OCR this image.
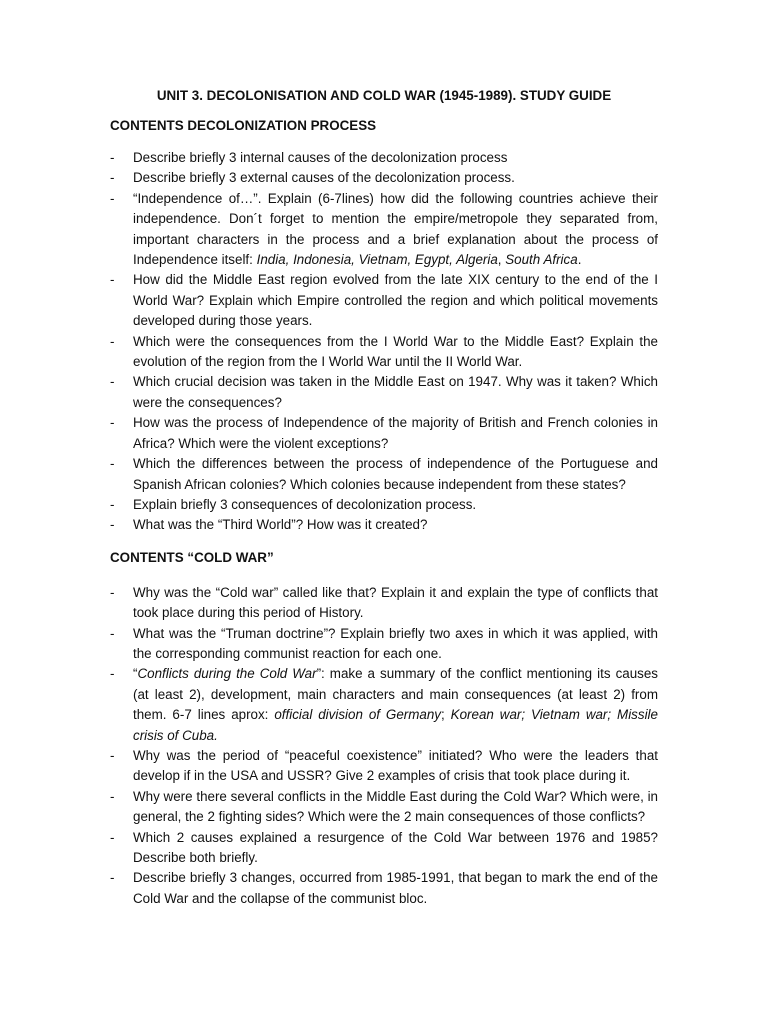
UNIT 3. DECOLONISATION AND COLD WAR (1945-1989). STUDY GUIDE
CONTENTS DECOLONIZATION PROCESS
- Describe briefly 3 internal causes of the decolonization process
- Describe briefly 3 external causes of the decolonization process.
- “Independence of…”. Explain (6-7lines) how did the following countries achieve their independence. Don´t forget to mention the empire/metropole they separated from, important characters in the process and a brief explanation about the process of Independence itself: India, Indonesia, Vietnam, Egypt, Algeria, South Africa.
- How did the Middle East region evolved from the late XIX century to the end of the I World War? Explain which Empire controlled the region and which political movements developed during those years.
- Which were the consequences from the I World War to the Middle East? Explain the evolution of the region from the I World War until the II World War.
- Which crucial decision was taken in the Middle East on 1947. Why was it taken? Which were the consequences?
- How was the process of Independence of the majority of British and French colonies in Africa? Which were the violent exceptions?
- Which the differences between the process of independence of the Portuguese and Spanish African colonies? Which colonies because independent from these states?
- Explain briefly 3 consequences of decolonization process.
- What was the “Third World”? How was it created?
CONTENTS “COLD WAR”
- Why was the “Cold war” called like that? Explain it and explain the type of conflicts that took place during this period of History.
- What was the “Truman doctrine”? Explain briefly two axes in which it was applied, with the corresponding communist reaction for each one.
- “Conflicts during the Cold War”: make a summary of the conflict mentioning its causes (at least 2), development, main characters and main consequences (at least 2) from them. 6-7 lines aprox: official division of Germany; Korean war; Vietnam war; Missile crisis of Cuba.
- Why was the period of “peaceful coexistence” initiated? Who were the leaders that develop if in the USA and USSR? Give 2 examples of crisis that took place during it.
- Why were there several conflicts in the Middle East during the Cold War? Which were, in general, the 2 fighting sides? Which were the 2 main consequences of those conflicts?
- Which 2 causes explained a resurgence of the Cold War between 1976 and 1985? Describe both briefly.
- Describe briefly 3 changes, occurred from 1985-1991, that began to mark the end of the Cold War and the collapse of the communist bloc.
